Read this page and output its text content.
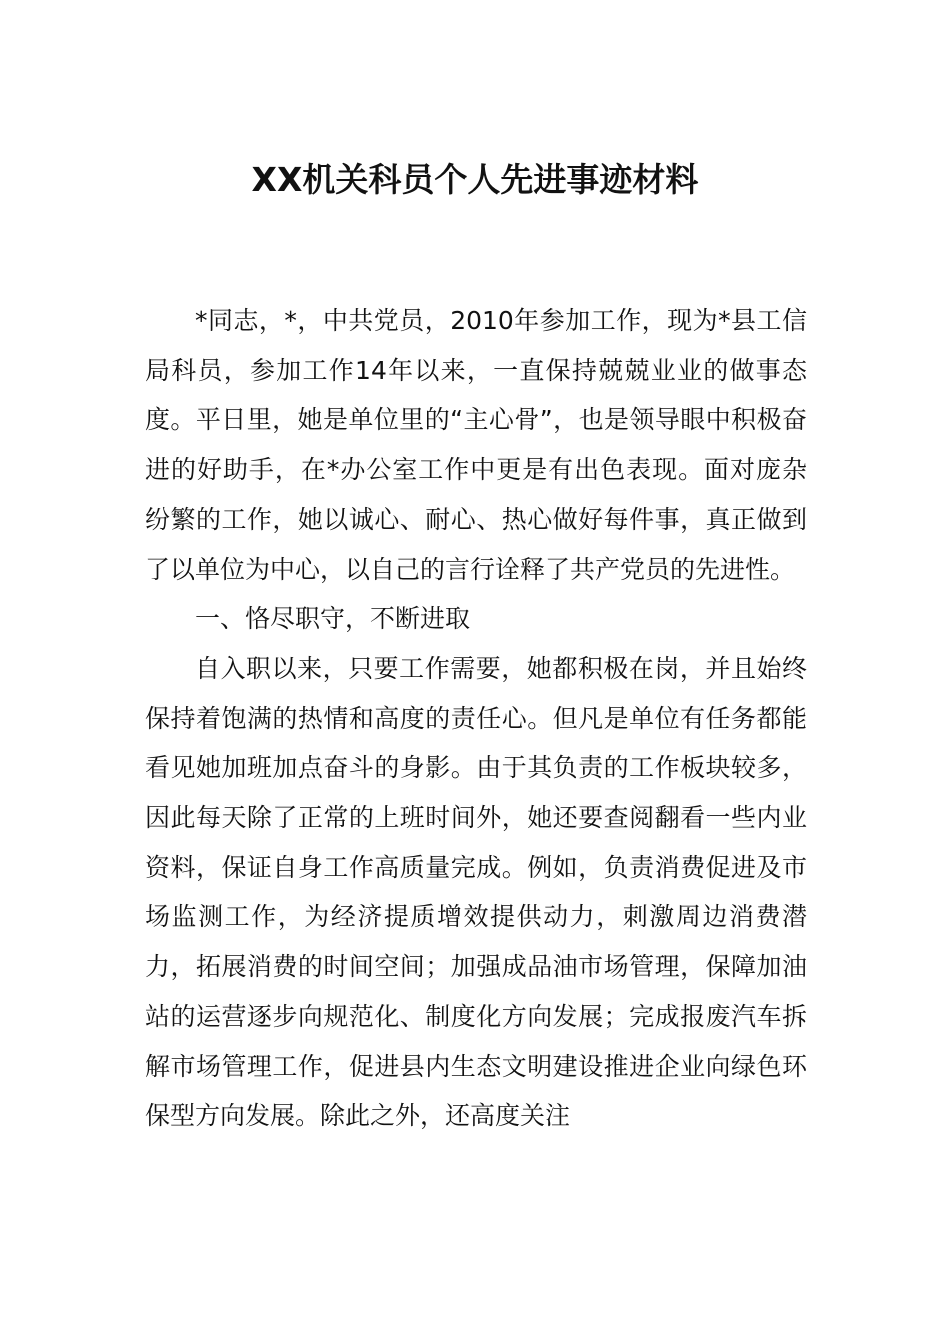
XX机关科员个人先进事迹材料

*同志，*，中共党员，2010年参加工作，现为*县工信局科员，参加工作14年以来，一直保持兢兢业业的做事态度。平日里，她是单位里的“主心骨”，也是领导眼中积极奋进的好助手，在*办公室工作中更是有出色表现。面对庞杂纷繁的工作，她以诚心、耐心、热心做好每件事，真正做到了以单位为中心，以自己的言行诠释了共产党员的先进性。

一、恪尽职守，不断进取

自入职以来，只要工作需要，她都积极在岗，并且始终保持着饱满的热情和高度的责任心。但凡是单位有任务都能看见她加班加点奋斗的身影。由于其负责的工作板块较多，因此每天除了正常的上班时间外，她还要查阅翻看一些内业资料，保证自身工作高质量完成。例如，负责消费促进及市场监测工作，为经济提质增效提供动力，刺激周边消费潜力，拓展消费的时间空间；加强成品油市场管理，保障加油站的运营逐步向规范化、制度化方向发展；完成报废汽车拆解市场管理工作，促进县内生态文明建设推进企业向绿色环保型方向发展。除此之外，还高度关注
